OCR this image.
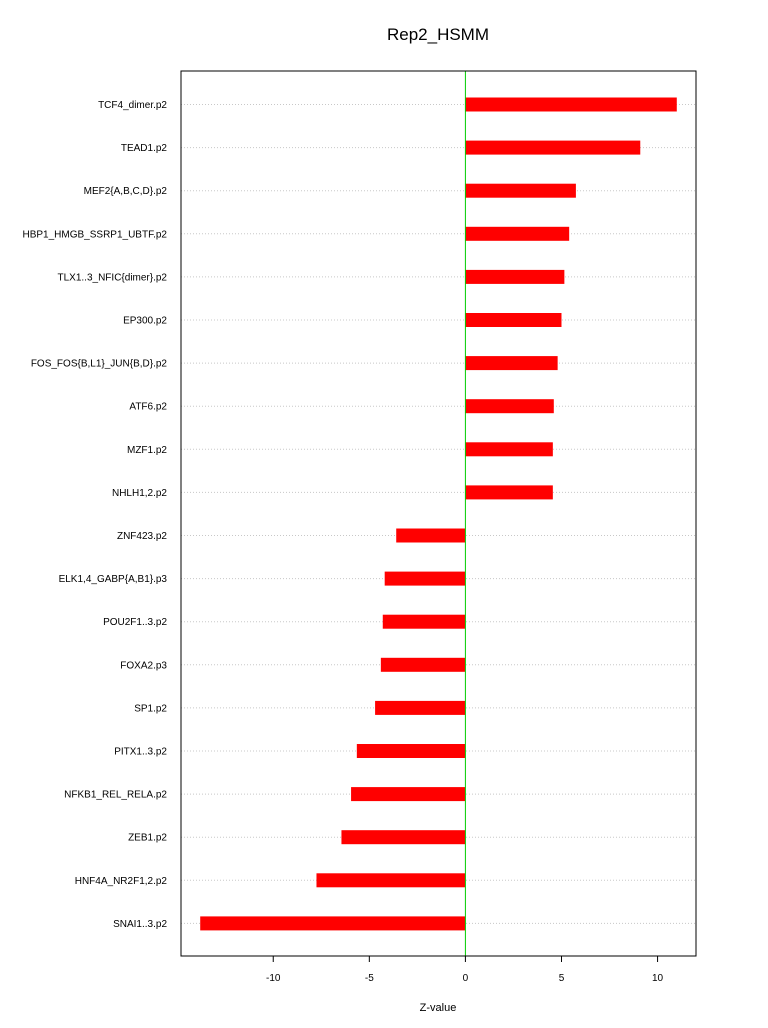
Rep2_HSMM
TCF4_dimer.p2
TEAD1.p2
MEF2{A,B,C,D}.p2
HBP1_HMGB_SSRP1_UBTF.p2
TLX1..3_NFIC{dimer}.p2
EP300.p2
FOS_FOS{B,L1}_JUN{B,D}.p2
ATF6.p2
MZF1.p2
NHLH1,2.p2
ZNF423.p2
ELK1,4_GABP{A,B1}.p3
POU2F1..3.p2
FOXA2.p3
SP1.p2
PITX1..3.p2
NFKB1_REL_RELA.p2
ZEB1.p2
HNF4A_NR2F1,2.p2
SNAI1..3.p2
-10	-5	0	5	10
Z-value
